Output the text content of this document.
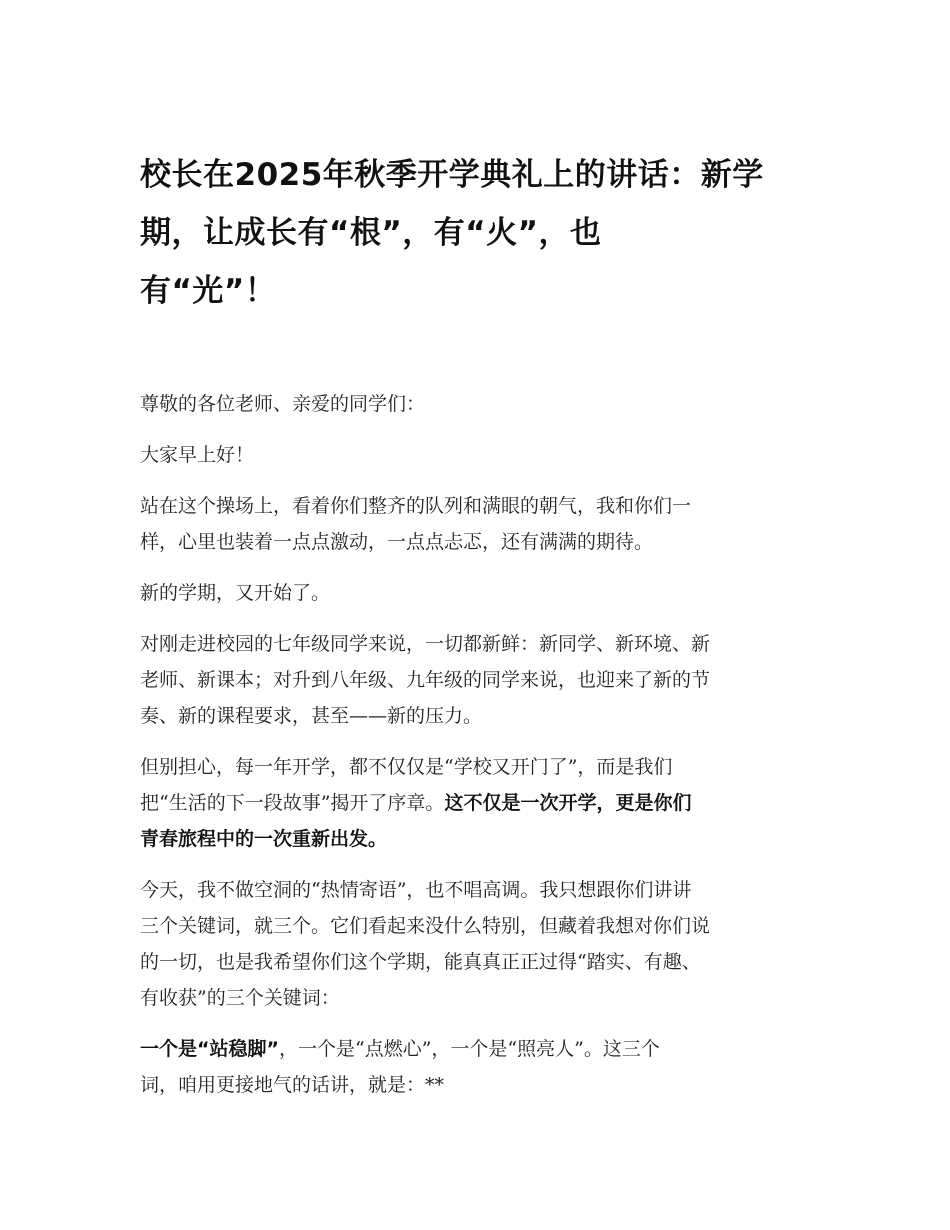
校长在2025年秋季开学典礼上的讲话：新学
期，让成长有“根”，有“火”，也
有“光”！

尊敬的各位老师、亲爱的同学们：

大家早上好！

站在这个操场上，看着你们整齐的队列和满眼的朝气，我和你们一
样，心里也装着一点点激动，一点点忐忑，还有满满的期待。

新的学期，又开始了。

对刚走进校园的七年级同学来说，一切都新鲜：新同学、新环境、新
老师、新课本；对升到八年级、九年级的同学来说，也迎来了新的节
奏、新的课程要求，甚至——新的压力。

但别担心，每一年开学，都不仅仅是“学校又开门了”，而是我们
把“生活的下一段故事”揭开了序章。这不仅是一次开学，更是你们
青春旅程中的一次重新出发。

今天，我不做空洞的“热情寄语”，也不唱高调。我只想跟你们讲讲
三个关键词，就三个。它们看起来没什么特别，但藏着我想对你们说
的一切，也是我希望你们这个学期，能真真正正过得“踏实、有趣、
有收获”的三个关键词：

一个是“站稳脚”，一个是“点燃心”，一个是“照亮人”。这三个
词，咱用更接地气的话讲，就是：**
